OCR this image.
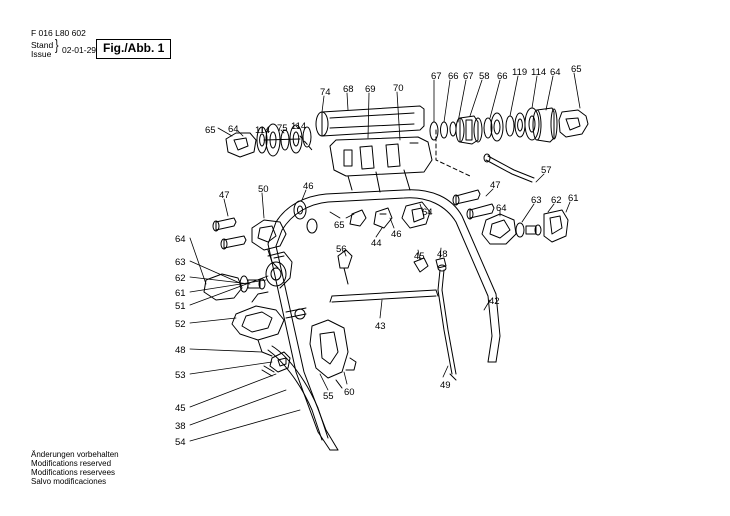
F 016 L80 602
Stand
Issue } 02-01-29 Fig./Abb. 1
74 68 69 70
67 66 67 58 66 119 114 64 65
65 64 114 75 114
57
47
50	46	47
64
63 62 61
65
64
46
44
45 48
64
63
62
61
51
52
48
53
45
38
54
56
43
42
49
55 60
Änderungen vorbehalten
Modifications reserved
Modifications reservees
Salvo modificaciones
